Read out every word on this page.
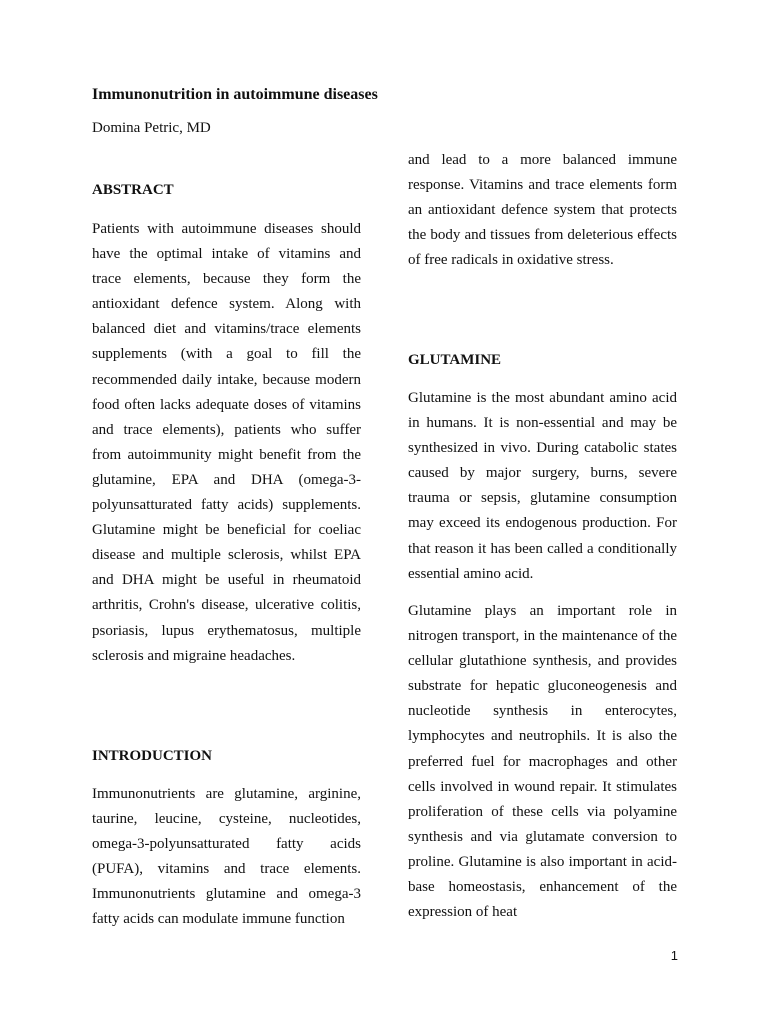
Immunonutrition in autoimmune diseases
Domina Petric, MD
ABSTRACT
Patients with autoimmune diseases should have the optimal intake of vitamins and trace elements, because they form the antioxidant defence system. Along with balanced diet and vitamins/trace elements supplements (with a goal to fill the recommended daily intake, because modern food often lacks adequate doses of vitamins and trace elements), patients who suffer from autoimmunity might benefit from the glutamine, EPA and DHA (omega-3-polyunsatturated fatty acids) supplements. Glutamine might be beneficial for coeliac disease and multiple sclerosis, whilst EPA and DHA might be useful in rheumatoid arthritis, Crohn's disease, ulcerative colitis, psoriasis, lupus erythematosus, multiple sclerosis and migraine headaches.
INTRODUCTION
Immunonutrients are glutamine, arginine, taurine, leucine, cysteine, nucleotides, omega-3-polyunsatturated fatty acids (PUFA), vitamins and trace elements. Immunonutrients glutamine and omega-3 fatty acids can modulate immune function
and lead to a more balanced immune response. Vitamins and trace elements form an antioxidant defence system that protects the body and tissues from deleterious effects of free radicals in oxidative stress.
GLUTAMINE
Glutamine is the most abundant amino acid in humans. It is non-essential and may be synthesized in vivo. During catabolic states caused by major surgery, burns, severe trauma or sepsis, glutamine consumption may exceed its endogenous production. For that reason it has been called a conditionally essential amino acid.
Glutamine plays an important role in nitrogen transport, in the maintenance of the cellular glutathione synthesis, and provides substrate for hepatic gluconeogenesis and nucleotide synthesis in enterocytes, lymphocytes and neutrophils. It is also the preferred fuel for macrophages and other cells involved in wound repair. It stimulates proliferation of these cells via polyamine synthesis and via glutamate conversion to proline. Glutamine is also important in acid-base homeostasis, enhancement of the expression of heat
1
